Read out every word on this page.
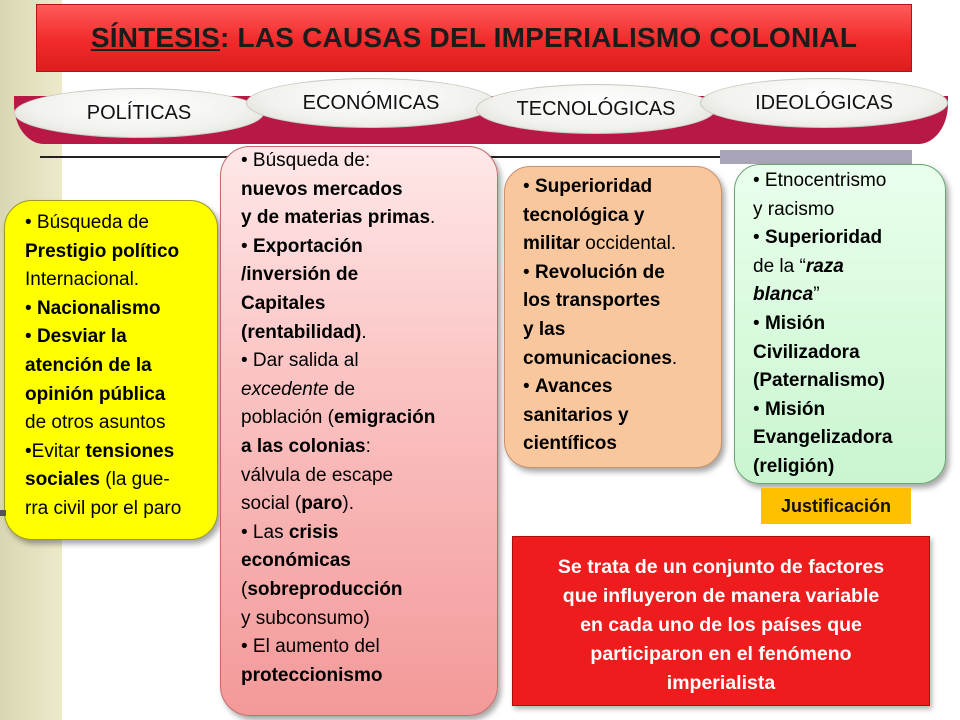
SÍNTESIS: LAS CAUSAS DEL IMPERIALISMO COLONIAL
POLÍTICAS	ECONÓMICAS	TECNOLÓGICAS	IDEOLÓGICAS
• Búsqueda de
Prestigio político
Internacional.
• Nacionalismo
• Desviar la
atención de la
opinión pública
de otros asuntos
•Evitar tensiones
sociales (la gue-
rra civil por el paro
• Búsqueda de:
nuevos mercados
y de materias primas.
• Exportación
/inversión de
Capitales
(rentabilidad).
• Dar salida al
excedente de
población (emigración
a las colonias:
válvula de escape
social (paro).
• Las crisis
económicas
(sobreproducción
y subconsumo)
• El aumento del
proteccionismo
• Superioridad
tecnológica y
militar occidental.
• Revolución de
los transportes
y las
comunicaciones.
• Avances
sanitarios y
científicos
• Etnocentrismo
y racismo
• Superioridad
de la “raza
blanca”
• Misión
Civilizadora
(Paternalismo)
• Misión
Evangelizadora
(religión)
Justificación
Se trata de un conjunto de factores
que influyeron de manera variable
en cada uno de los países que
participaron en el fenómeno
imperialista
